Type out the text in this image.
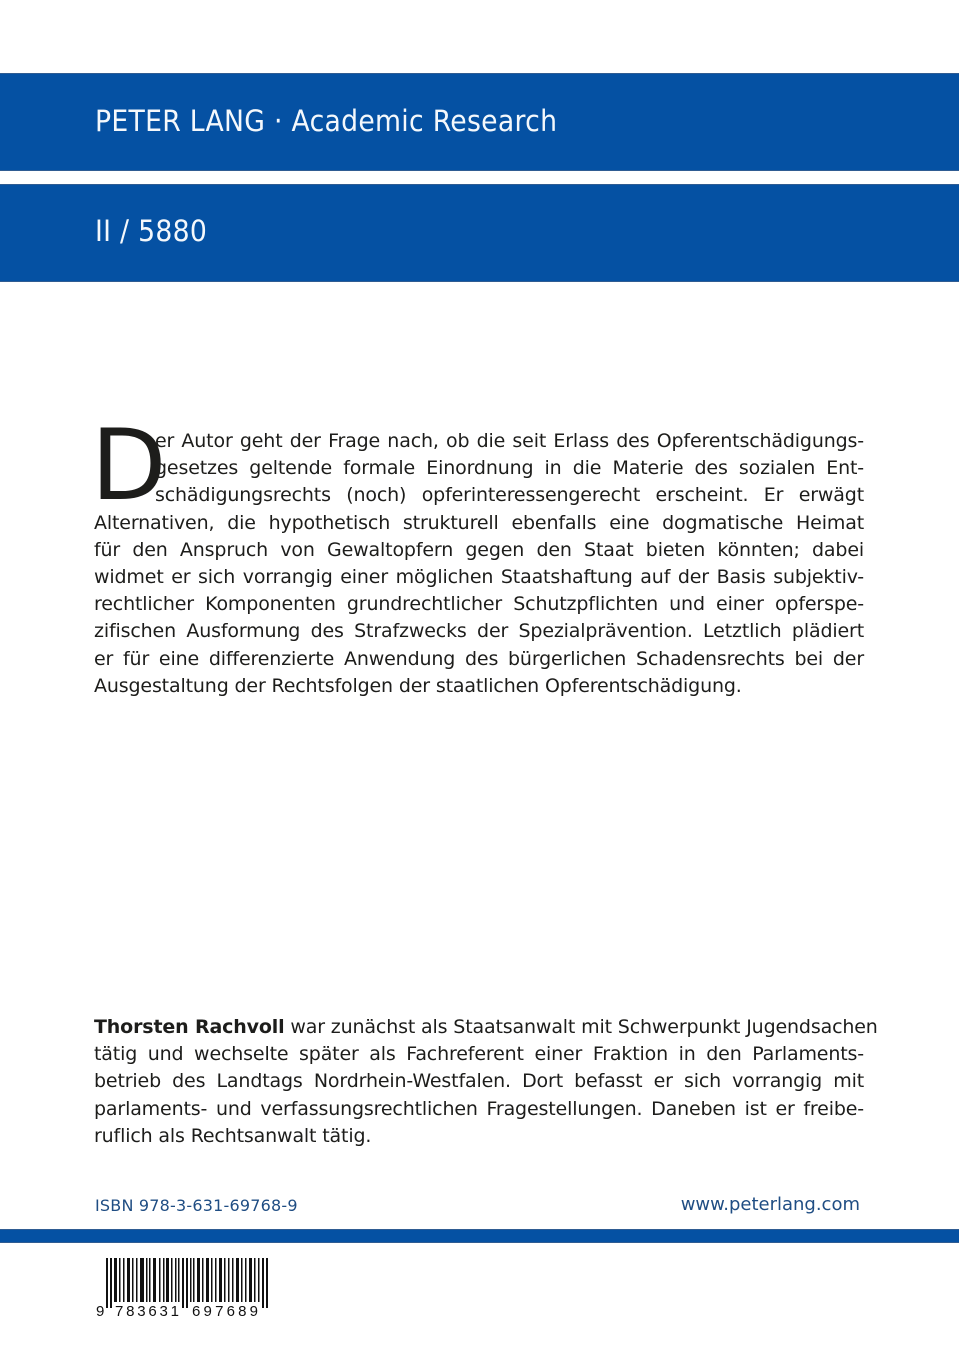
PETER LANG · Academic Research
II / 5880
D
er Autor geht der Frage nach, ob die seit Erlass des Opferentschädigungs-
gesetzes geltende formale Einordnung in die Materie des sozialen Ent-
schädigungsrechts (noch) opferinteressengerecht erscheint. Er erwägt
Alternativen, die hypothetisch strukturell ebenfalls eine dogmatische Heimat
für den Anspruch von Gewaltopfern gegen den Staat bieten könnten; dabei
widmet er sich vorrangig einer möglichen Staatshaftung auf der Basis subjektiv-
rechtlicher Komponenten grundrechtlicher Schutzpflichten und einer opferspe-
zifischen Ausformung des Strafzwecks der Spezialprävention. Letztlich plädiert
er für eine differenzierte Anwendung des bürgerlichen Schadensrechts bei der
Ausgestaltung der Rechtsfolgen der staatlichen Opferentschädigung.
Thorsten Rachvoll war zunächst als Staatsanwalt mit Schwerpunkt Jugendsachen
tätig und wechselte später als Fachreferent einer Fraktion in den Parlaments-
betrieb des Landtags Nordrhein-Westfalen. Dort befasst er sich vorrangig mit
parlaments- und verfassungsrechtlichen Fragestellungen. Daneben ist er freibe-
ruflich als Rechtsanwalt tätig.
ISBN 978-3-631-69768-9	www.peterlang.com
9 783631 697689
